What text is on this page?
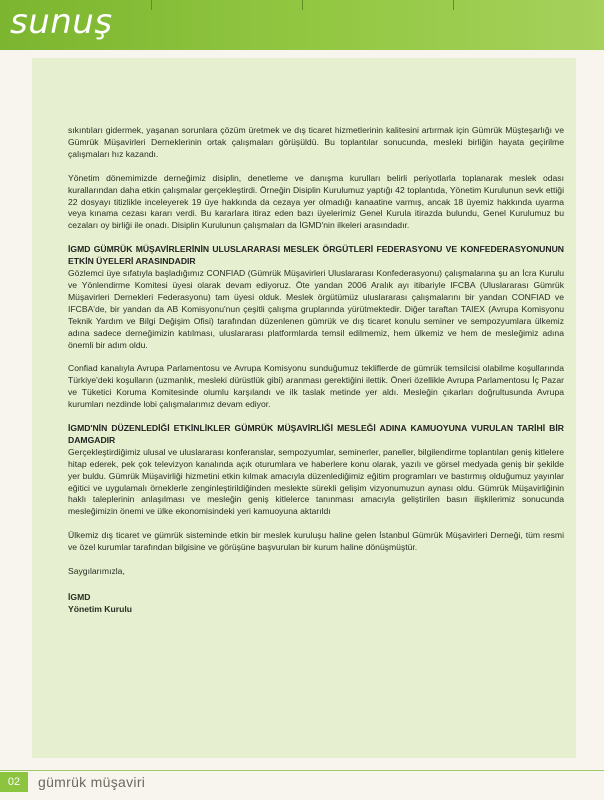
sunuş

sıkıntıları gidermek, yaşanan sorunlara çözüm üretmek ve dış ticaret hizmetlerinin kalitesini artırmak için Gümrük Müşteşarlığı ve Gümrük Müşavirleri Derneklerinin ortak çalışmaları görüşüldü. Bu toplantılar sonucunda, mesleki birliğin hayata geçirilme çalışmaları hız kazandı.

Yönetim dönemimizde derneğimiz disiplin, denetleme ve danışma kurulları belirli periyotlarla toplanarak meslek odası kurallarından daha etkin çalışmalar gerçekleştirdi. Örneğin Disiplin Kurulumuz yaptığı 42 toplantıda, Yönetim Kurulunun sevk ettiği 22 dosyayı titizlikle inceleyerek 19 üye hakkında da cezaya yer olmadığı kanaatine varmış, ancak 18 üyemiz hakkında uyarma veya kınama cezası kararı verdi. Bu kararlara itiraz eden bazı üyelerimiz Genel Kurula itirazda bulundu, Genel Kurulumuz bu cezaları oy birliği ile onadı. Disiplin Kurulunun çalışmaları da İGMD'nin ilkeleri arasındadır.

İGMD GÜMRÜK MÜŞAVİRLERİNİN ULUSLARARASI MESLEK ÖRGÜTLERİ FEDERASYONU VE KONFEDERASYONUNUN ETKİN ÜYELERİ ARASINDADIR

Gözlemci üye sıfatıyla başladığımız CONFIAD (Gümrük Müşavirleri Uluslararası Konfederasyonu) çalışmalarına şu an İcra Kurulu ve Yönlendirme Komitesi üyesi olarak devam ediyoruz. Öte yandan 2006 Aralık ayı itibariyle IFCBA (Uluslararası Gümrük Müşavirleri Dernekleri Federasyonu) tam üyesi olduk. Meslek örgütümüz uluslararası çalışmalarını bir yandan CONFIAD ve IFCBA'de, bir yandan da AB Komisyonu'nun çeşitli çalışma gruplarında yürütmektedir. Diğer taraftan TAIEX (Avrupa Komisyonu Teknik Yardım ve Bilgi Değişim Ofisi) tarafından düzenlenen gümrük ve dış ticaret konulu seminer ve sempozyumlara ülkemiz adına sadece derneğimizin katılması, uluslararası platformlarda temsil edilmemiz, hem ülkemiz ve hem de mesleğimiz adına önemli bir adım oldu.

Confiad kanalıyla Avrupa Parlamentosu ve Avrupa Komisyonu sunduğumuz tekliflerde de gümrük temsilcisi olabilme koşullarında Türkiye'deki koşulların (uzmanlık, mesleki dürüstlük gibi) aranması gerektiğini ilettik. Öneri özellikle Avrupa Parlamentosu İç Pazar ve Tüketici Koruma Komitesinde olumlu karşılandı ve ilk taslak metinde yer aldı. Mesleğin çıkarları doğrultusunda Avrupa kurumları nezdinde lobi çalışmalarımız devam ediyor.

İGMD'NİN DÜZENLEDİĞİ ETKİNLİKLER GÜMRÜK MÜŞAVİRLİĞİ MESLEĞİ ADINA KAMUOYUNA VURULAN TARİHİ BİR DAMGADIR

Gerçekleştirdiğimiz ulusal ve uluslararası konferanslar, sempozyumlar, seminerler, paneller, bilgilendirme toplantıları geniş kitlelere hitap ederek, pek çok televizyon kanalında açık oturumlara ve haberlere konu olarak, yazılı ve görsel medyada geniş bir şekilde yer buldu. Gümrük Müşavirliği hizmetini etkin kılmak amacıyla düzenlediğimiz eğitim programları ve bastırmış olduğumuz yayınlar eğitici ve uygulamalı örneklerle zenginleştirildiğinden meslekte sürekli gelişim vizyonumuzun aynası oldu. Gümrük Müşavirliğinin haklı taleplerinin anlaşılması ve mesleğin geniş kitlelerce tanınması amacıyla geliştirilen basın ilişkilerimiz sonucunda mesleğimizin önemi ve ülke ekonomisindeki yeri kamuoyuna aktarıldı

Ülkemiz dış ticaret ve gümrük sisteminde etkin bir meslek kuruluşu haline gelen İstanbul Gümrük Müşavirleri Derneği, tüm resmi ve özel kurumlar tarafından bilgisine ve görüşüne başvurulan bir kurum haline dönüşmüştür.

Saygılarımızla,

İGMD
Yönetim Kurulu
02	gümrük müşaviri
